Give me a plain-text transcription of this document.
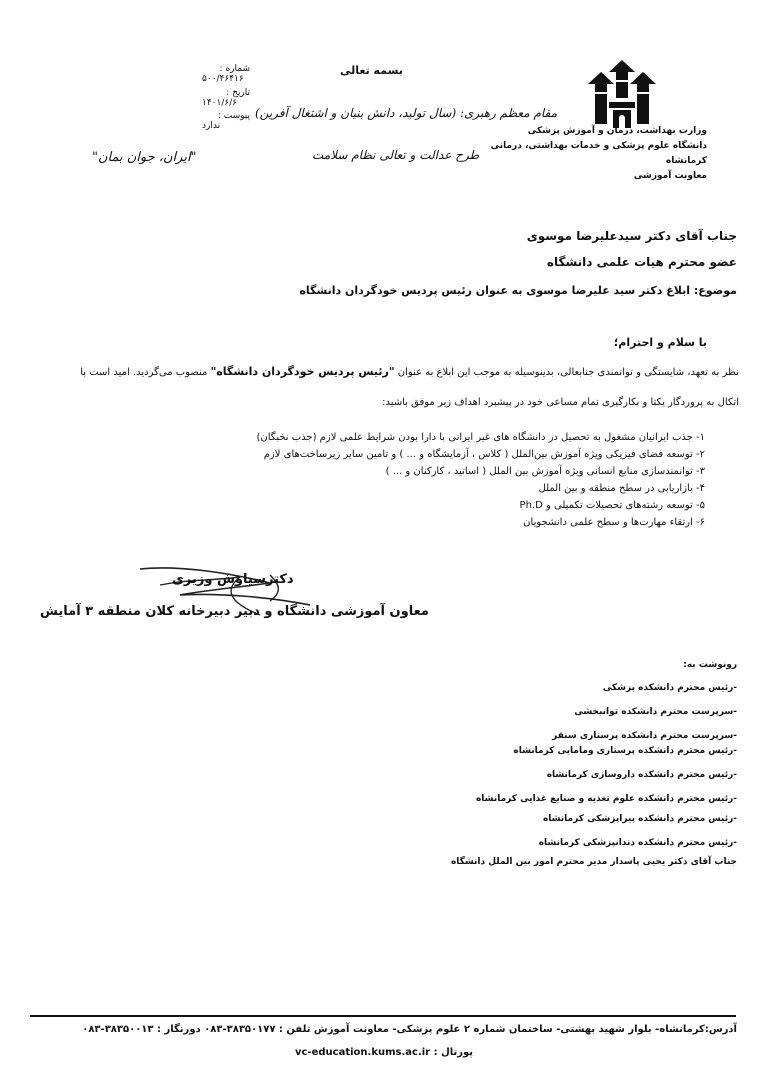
وزارت بهداشت، درمان و آموزش پزشکی
دانشگاه علوم پزشکی و خدمات بهداشتی، درمانی کرمانشاه
معاونت آموزشی
بسمه تعالی
مقام معظم رهبری: (سال تولید، دانش بنیان و اشتغال آفرین)
طرح عدالت و تعالی نظام سلامت
"ایران، جوان بمان"
شماره : ۵۰۰/۴۶۴۱۶
تاریخ : ۱۴۰۱/۶/۶
پیوست : ندارد
جناب آقای دکتر سیدعلیرضا موسوی
عضو محترم هیات علمی دانشگاه
موضوع: ابلاغ دکتر سید علیرضا موسوی به عنوان رئیس پردیس خودگردان دانشگاه
با سلام و احترام؛
نظر به تعهد، شایستگی و توانمندی جنابعالی، بدینوسیله به موجب این ابلاغ به عنوان "رئیس پردیس خودگردان دانشگاه" منصوب می‌گردید. امید است با
اتکال به پروردگار یکتا و بکارگیری تمام مساعی خود در پیشبرد اهداف زیر موفق باشید:
۱- جذب ایرانیان مشغول به تحصیل در دانشگاه های غیر ایرانی با دارا بودن شرایط علمی لازم (جذب نخبگان)
۲- توسعه فضای فیزیکی ویژه آموزش بین‌الملل ( کلاس ، آزمایشگاه و ... ) و تامین سایر زیرساخت‌های لازم
۳- توانمندسازی منابع انسانی ویژه آموزش بین الملل ( اساتید ، کارکنان و ... )
۴- بازاریابی در سطح منطقه و بین الملل
۵- توسعه رشته‌های تحصیلات تکمیلی و Ph.D
۶- ارتقاء مهارت‌ها و سطح علمی دانشجویان
دکترسیاوش وزیری
معاون آموزشی دانشگاه و دبیر دبیرخانه کلان منطقه ۳ آمایش
رونوشت به:
-رئیس محترم دانشکده پزشکی
-سرپرست محترم دانشکده توانبخشی
-سرپرست محترم دانشکده پرستاری سنقر
-رئیس محترم دانشکده پرستاری ومامایی کرمانشاه
-رئیس محترم دانشکده داروسازی کرمانشاه
-رئیس محترم دانشکده علوم تغذیه و صنایع غذایی کرمانشاه
-رئیس محترم دانشکده پیراپزشکی کرمانشاه
-رئیس محترم دانشکده دندانپزشکی کرمانشاه
جناب آقای دکتر یحیی پاسدار مدیر محترم امور بین الملل دانشگاه
آدرس:کرمانشاه- بلوار شهید بهشتی- ساختمان شماره ۲ علوم پزشکی- معاونت آموزش تلفن : ۳۸۳۵۰۱۷۷-۰۸۳ دورنگار : ۳۸۳۵۰۰۱۳-۰۸۳
vc-education.kums.ac.ir : پورتال
